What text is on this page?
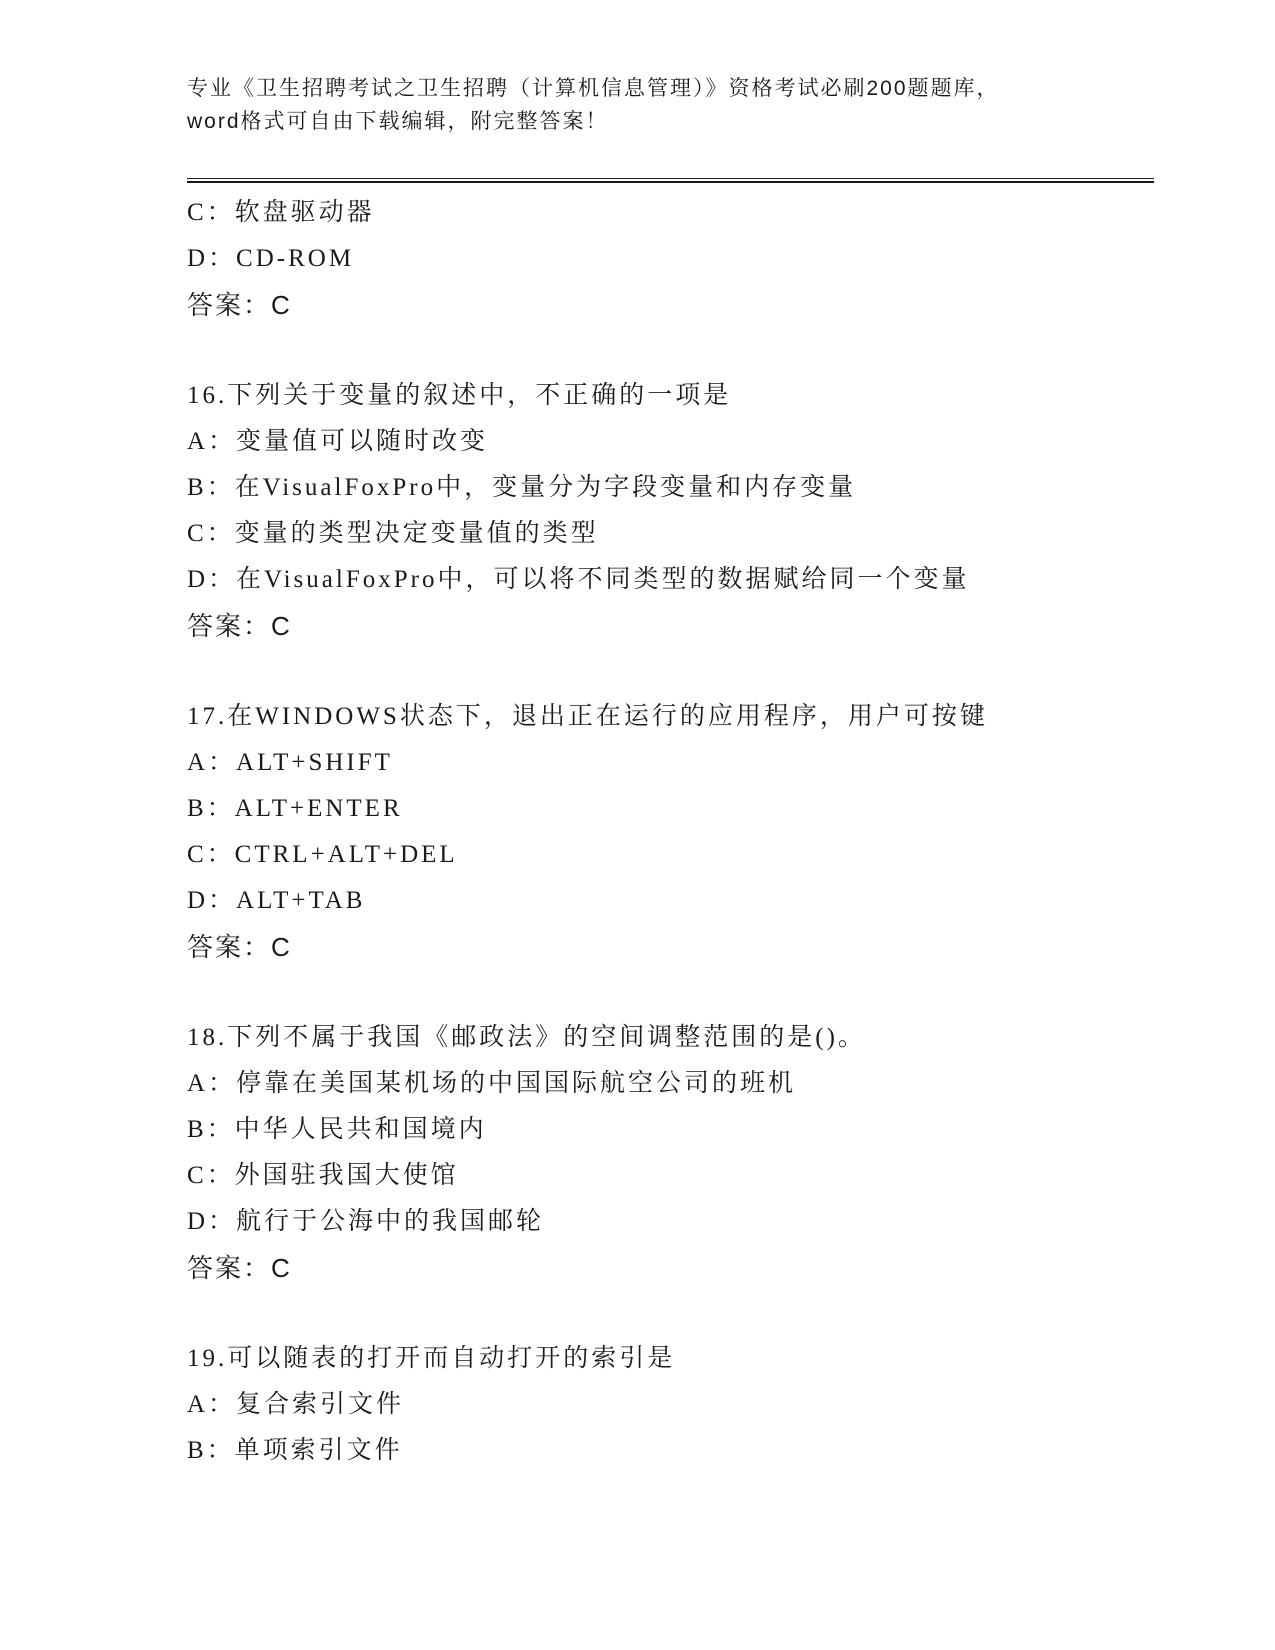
专业《卫生招聘考试之卫生招聘（计算机信息管理）》资格考试必刷200题题库，
word格式可自由下载编辑，附完整答案！
C：软盘驱动器
D：CD-ROM
答案：C
16.下列关于变量的叙述中，不正确的一项是
A：变量值可以随时改变
B：在VisualFoxPro中，变量分为字段变量和内存变量
C：变量的类型决定变量值的类型
D：在VisualFoxPro中，可以将不同类型的数据赋给同一个变量
答案：C
17.在WINDOWS状态下，退出正在运行的应用程序，用户可按键
A：ALT+SHIFT
B：ALT+ENTER
C：CTRL+ALT+DEL
D：ALT+TAB
答案：C
18.下列不属于我国《邮政法》的空间调整范围的是()。
A：停靠在美国某机场的中国国际航空公司的班机
B：中华人民共和国境内
C：外国驻我国大使馆
D：航行于公海中的我国邮轮
答案：C
19.可以随表的打开而自动打开的索引是
A：复合索引文件
B：单项索引文件
